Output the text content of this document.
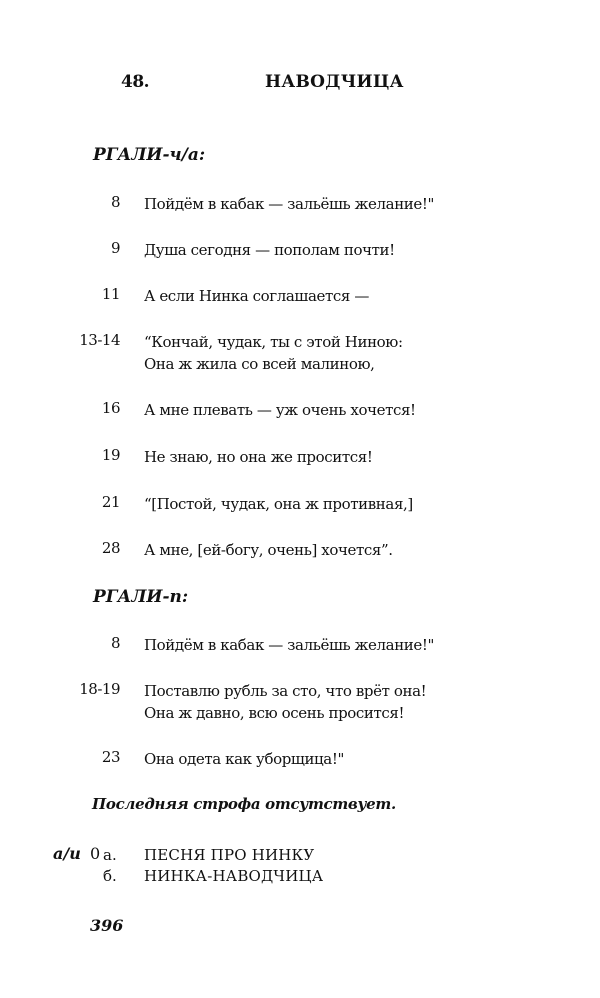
48.	НАВОДЧИЦА
РГАЛИ-ч/а:
8 Пойдём в кабак — зальёшь желание!"
9 Душа сегодня — пополам почти!
11 А если Нинка соглашается —
13-14 “Кончай, чудак, ты с этой Ниною:
Она ж жила со всей малиною,
16 А мне плевать — уж очень хочется!
19 Не знаю, но она же просится!
21 “[Постой, чудак, она ж противная,]
28 А мне, [ей-богу, очень] хочется”.
РГАЛИ-п:
8 Пойдём в кабак — зальёшь желание!"
18-19 Поставлю рубль за сто, что врёт она!
Она ж давно, всю осень просится!
23 Она одета как уборщица!"
Последняя строфа отсутствует.
а/и 0 а. ПЕСНЯ ПРО НИНКУ
б. НИНКА-НАВОДЧИЦА
396
